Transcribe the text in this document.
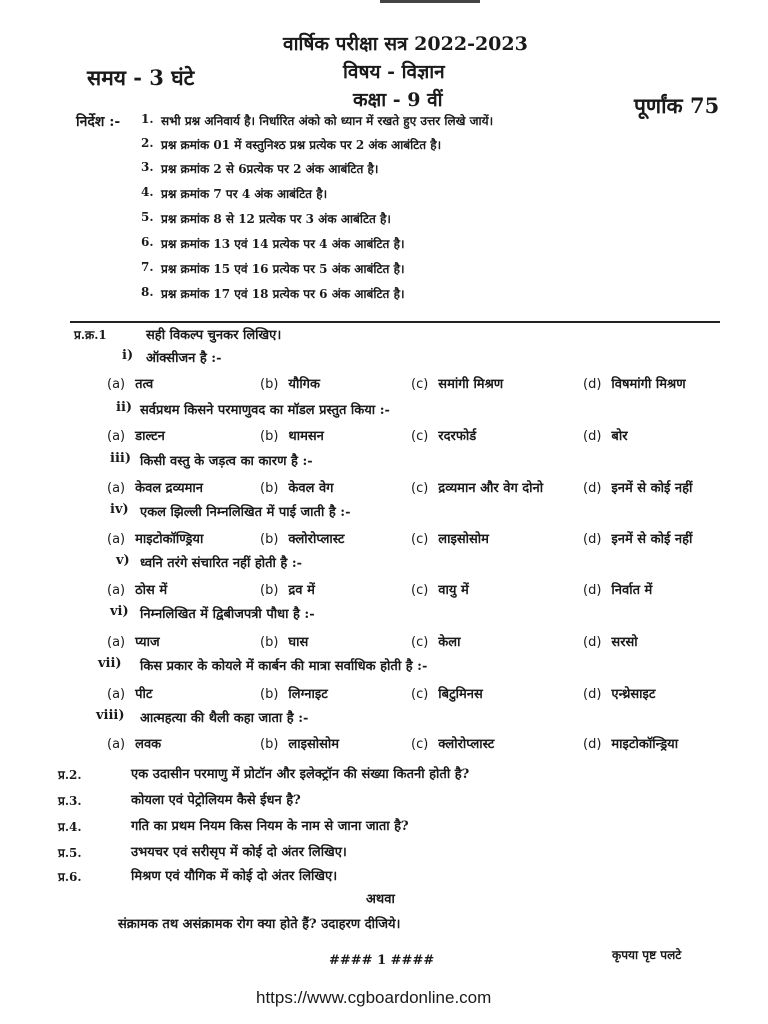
वार्षिक परीक्षा सत्र 2022-2023
विषय - विज्ञान
समय - 3 घंटे
कक्षा - 9 वीं	पूर्णांक 75
निर्देश :- 1. सभी प्रश्न अनिवार्य है। निर्धारित अंको को ध्यान में रखते हुए उत्तर लिखे जायें।
2. प्रश्न क्रमांक 01 में वस्तुनिश्ठ प्रश्न प्रत्येक पर 2 अंक आबंटित है।
3. प्रश्न क्रमांक 2 से 6प्रत्येक पर 2 अंक आबंटित है।
4. प्रश्न क्रमांक 7 पर 4 अंक आबंटित है।
5. प्रश्न क्रमांक 8 से 12 प्रत्येक पर 3 अंक आबंटित है।
6. प्रश्न क्रमांक 13 एवं 14 प्रत्येक पर 4 अंक आबंटित है।
7. प्रश्न क्रमांक 15 एवं 16 प्रत्येक पर 5 अंक आबंटित है।
8. प्रश्न क्रमांक 17 एवं 18 प्रत्येक पर 6 अंक आबंटित है।
प्र.क्र.1	सही विकल्प चुनकर लिखिए।
i) ऑक्सीजन है :-
(a) तत्व	(b) यौगिक	(c) समांगी मिश्रण	(d) विषमांगी मिश्रण
ii) सर्वप्रथम किसने परमाणुवद का मॉडल प्रस्तुत किया :-
(a) डाल्टन	(b) थामसन	(c) रदरफोर्ड	(d) बोर
iii) किसी वस्तु के जड़त्व का कारण है :-
(a) केवल द्रव्यमान	(b) केवल वेग	(c) द्रव्यमान और वेग दोनो	(d) इनमें से कोई नहीं
iv) एकल झिल्ली निम्नलिखित में पाई जाती है :-
(a) माइटोकॉण्ड्रिया	(b) क्लोरोप्लास्ट	(c) लाइसोसोम	(d) इनमें से कोई नहीं
v) ध्वनि तरंगे संचारित नहीं होती है :-
(a) ठोस में	(b) द्रव में	(c) वायु में	(d) निर्वात में
vi) निम्नलिखित में द्विबीजपत्री पौधा है :-
(a) प्याज	(b) घास	(c) केला	(d) सरसो
vii) किस प्रकार के कोयले में कार्बन की मात्रा सर्वाधिक होती है :-
(a) पीट	(b) लिग्नाइट	(c) बिटुमिनस	(d) एन्थ्रेसाइट
viii) आत्महत्या की थैली कहा जाता है :-
(a) लवक	(b) लाइसोसोम	(c) क्लोरोप्लास्ट	(d) माइटोकॉन्ड्रिया
प्र.2.	एक उदासीन परमाणु में प्रोटॉन और इलेक्ट्रॉन की संख्या कितनी होती है?
प्र.3.	कोयला एवं पेट्रोलियम कैसे ईधन है?
प्र.4.	गति का प्रथम नियम किस नियम के नाम से जाना जाता है?
प्र.5.	उभयचर एवं सरीसृप में कोई दो अंतर लिखिए।
प्र.6.	मिश्रण एवं यौगिक में कोई दो अंतर लिखिए।
अथवा
संक्रामक तथ असंक्रामक रोग क्या होते हैं? उदाहरण दीजिये।
#### 1 ####	कृपया पृष्ट पलटे
https://www.cgboardonline.com
